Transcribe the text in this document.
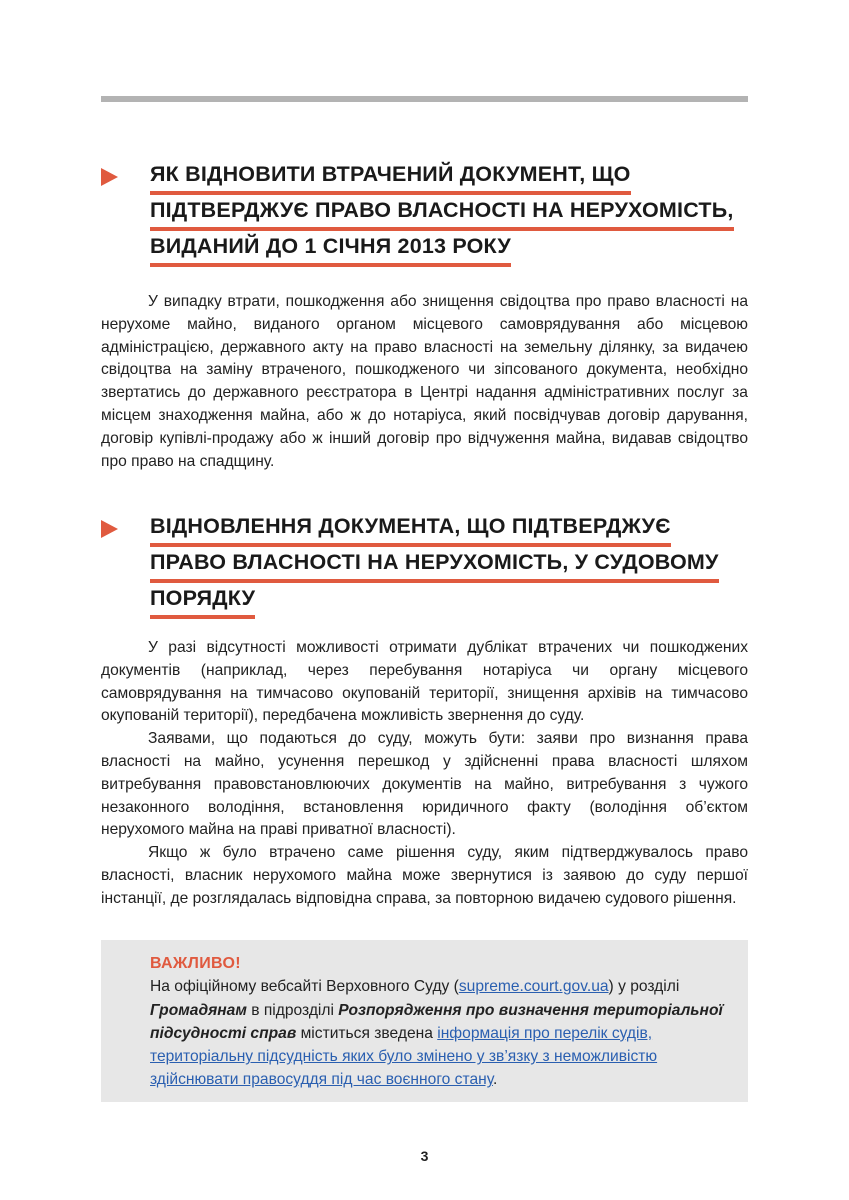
ЯК ВІДНОВИТИ ВТРАЧЕНИЙ ДОКУМЕНТ, ЩО
ПІДТВЕРДЖУЄ ПРАВО ВЛАСНОСТІ НА НЕРУХОМІСТЬ,
ВИДАНИЙ ДО 1 СІЧНЯ 2013 РОКУ

У випадку втрати, пошкодження або знищення свідоцтва про право власності на нерухоме майно, виданого органом місцевого самоврядування або місцевою адміністрацією, державного акту на право власності на земельну ділянку, за видачею свідоцтва на заміну втраченого, пошкодженого чи зіпсованого документа, необхідно звертатись до державного реєстратора в Центрі надання адміністративних послуг за місцем знаходження майна, або ж до нотаріуса, який посвідчував договір дарування, договір купівлі-продажу або ж інший договір про відчуження майна, видавав свідоцтво про право на спадщину.

ВІДНОВЛЕННЯ ДОКУМЕНТА, ЩО ПІДТВЕРДЖУЄ
ПРАВО ВЛАСНОСТІ НА НЕРУХОМІСТЬ, У СУДОВОМУ
ПОРЯДКУ

У разі відсутності можливості отримати дублікат втрачених чи пошкоджених документів (наприклад, через перебування нотаріуса чи органу місцевого самоврядування на тимчасово окупованій території, знищення архівів на тимчасово окупованій території), передбачена можливість звернення до суду.

Заявами, що подаються до суду, можуть бути: заяви про визнання права власності на майно, усунення перешкод у здійсненні права власності шляхом витребування правовстановлюючих документів на майно, витребування з чужого незаконного володіння, встановлення юридичного факту (володіння об’єктом нерухомого майна на праві приватної власності).

Якщо ж було втрачено саме рішення суду, яким підтверджувалось право власності, власник нерухомого майна може звернутися із заявою до суду першої інстанції, де розглядалась відповідна справа, за повторною видачею судового рішення.

ВАЖЛИВО!
На офіційному вебсайті Верховного Суду (supreme.court.gov.ua) у розділі Громадянам в підрозділі Розпорядження про визначення територіальної підсудності справ міститься зведена інформація про перелік судів, територіальну підсудність яких було змінено у зв’язку з неможливістю здійснювати правосуддя під час воєнного стану.
3
